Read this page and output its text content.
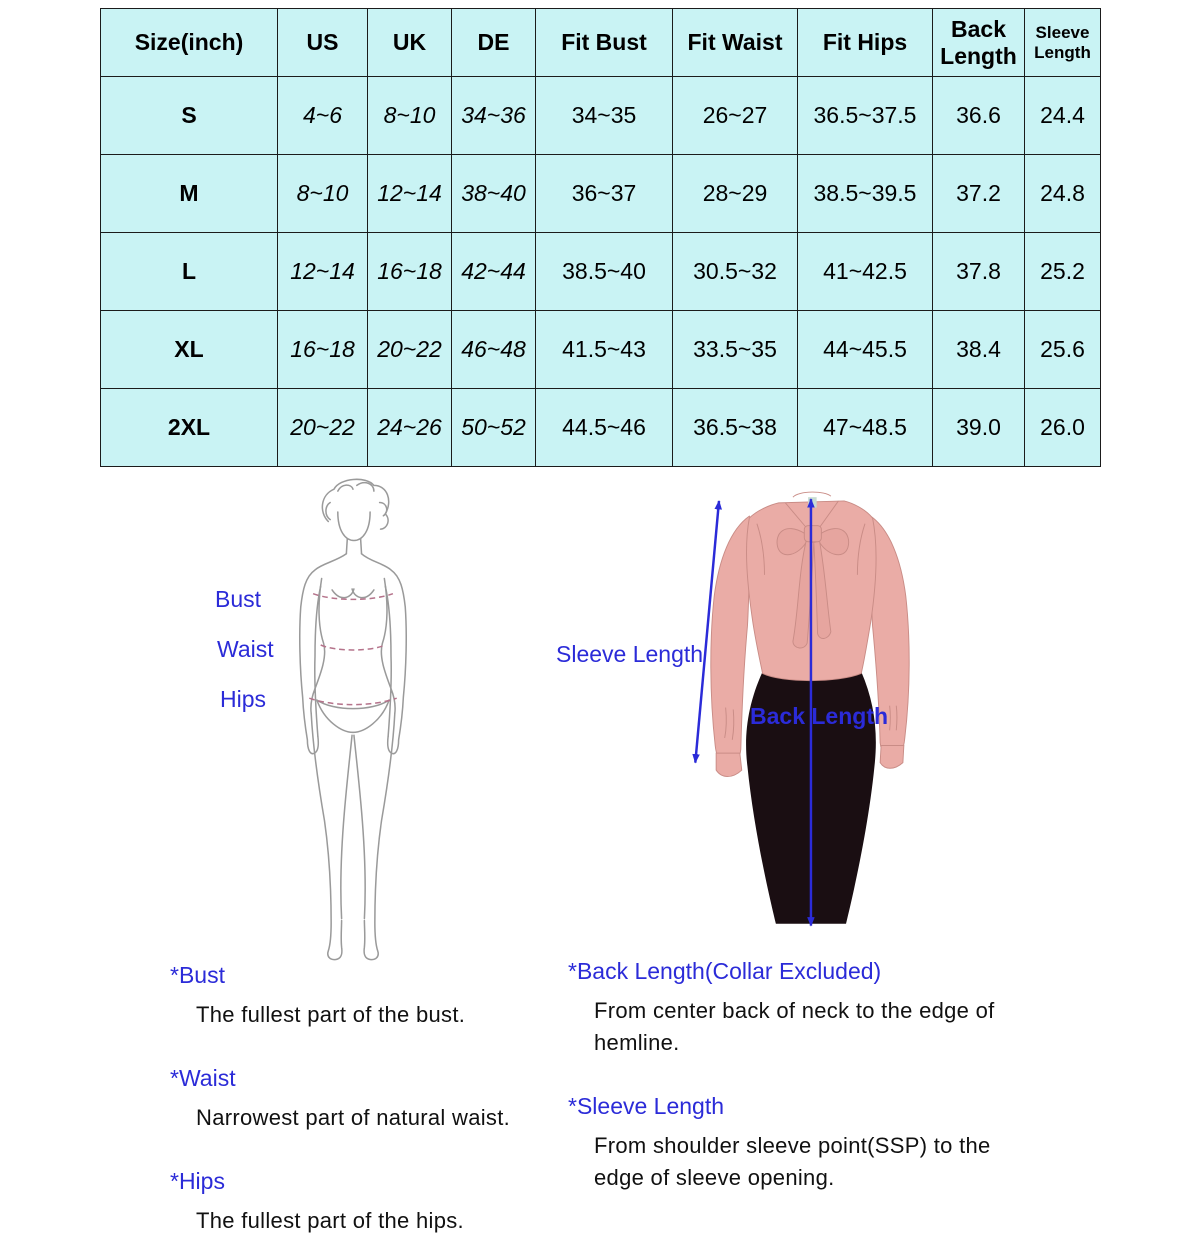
Size(inch)	US	UK	DE	Fit Bust	Fit Waist	Fit Hips	Back Length	Sleeve Length
S	4~6	8~10	34~36	34~35	26~27	36.5~37.5	36.6	24.4
M	8~10	12~14	38~40	36~37	28~29	38.5~39.5	37.2	24.8
L	12~14	16~18	42~44	38.5~40	30.5~32	41~42.5	37.8	25.2
XL	16~18	20~22	46~48	41.5~43	33.5~35	44~45.5	38.4	25.6
2XL	20~22	24~26	50~52	44.5~46	36.5~38	47~48.5	39.0	26.0
Bust
Waist
Hips
Sleeve Length
Back Length
*Bust
The fullest part of the bust.
*Waist
Narrowest part of natural waist.
*Hips
The fullest part of the hips.
*Back Length(Collar Excluded)
From center back of neck to the edge of hemline.
*Sleeve Length
From shoulder sleeve point(SSP) to the edge of sleeve opening.
